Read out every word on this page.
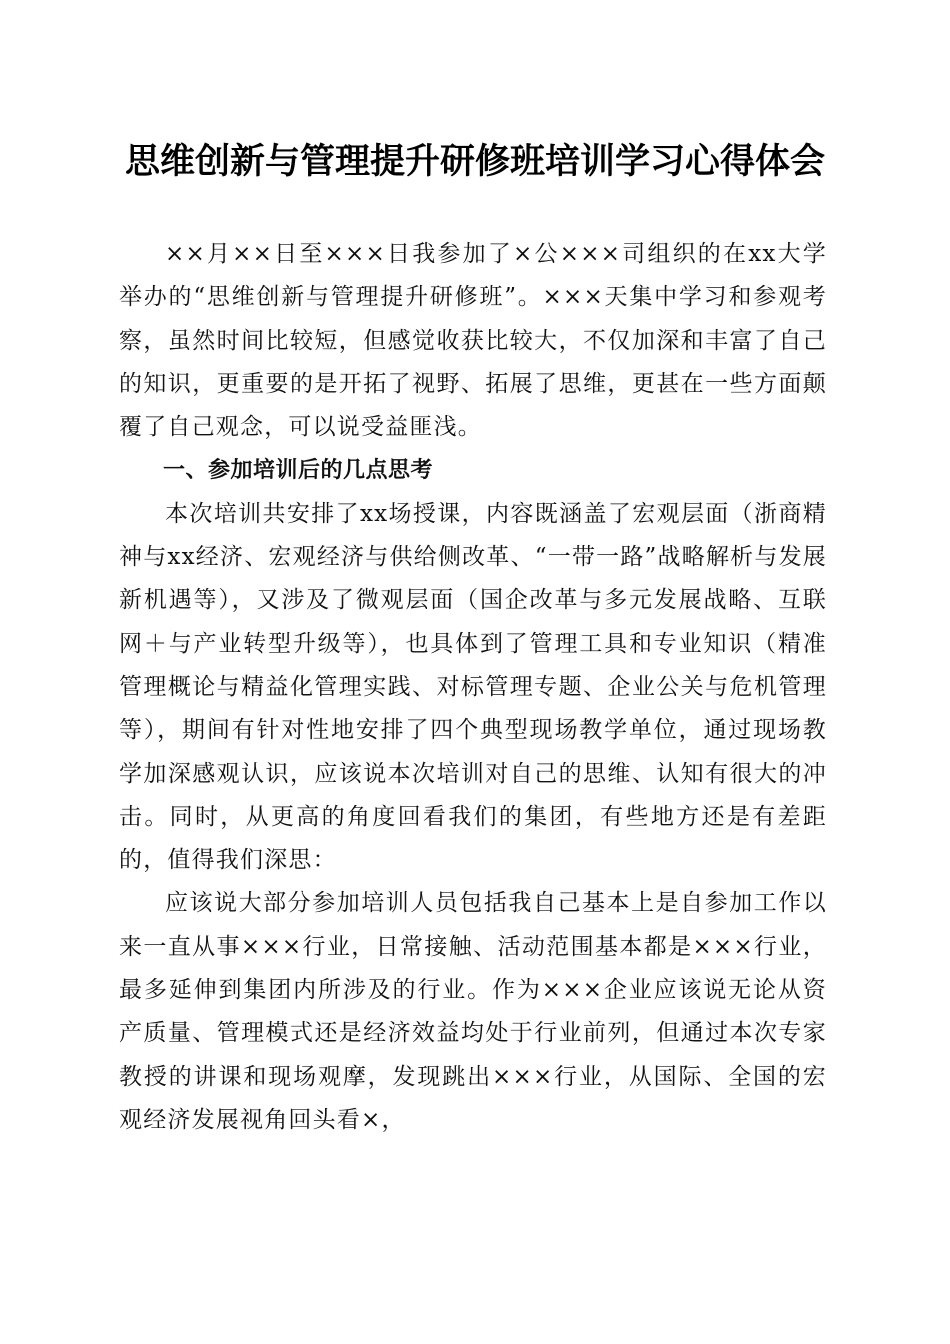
思维创新与管理提升研修班培训学习心得体会

××月××日至×××日我参加了×公×××司组织的在xx大学举办的“思维创新与管理提升研修班”。×××天集中学习和参观考察，虽然时间比较短，但感觉收获比较大，不仅加深和丰富了自己的知识，更重要的是开拓了视野、拓展了思维，更甚在一些方面颠覆了自己观念，可以说受益匪浅。

一、参加培训后的几点思考

本次培训共安排了xx场授课，内容既涵盖了宏观层面（浙商精神与xx经济、宏观经济与供给侧改革、“一带一路”战略解析与发展新机遇等），又涉及了微观层面（国企改革与多元发展战略、互联网＋与产业转型升级等），也具体到了管理工具和专业知识（精准管理概论与精益化管理实践、对标管理专题、企业公关与危机管理等），期间有针对性地安排了四个典型现场教学单位，通过现场教学加深感观认识，应该说本次培训对自己的思维、认知有很大的冲击。同时，从更高的角度回看我们的集团，有些地方还是有差距的，值得我们深思：

应该说大部分参加培训人员包括我自己基本上是自参加工作以来一直从事×××行业，日常接触、活动范围基本都是×××行业，最多延伸到集团内所涉及的行业。作为×××企业应该说无论从资产质量、管理模式还是经济效益均处于行业前列，但通过本次专家教授的讲课和现场观摩，发现跳出×××行业，从国际、全国的宏观经济发展视角回头看×，
